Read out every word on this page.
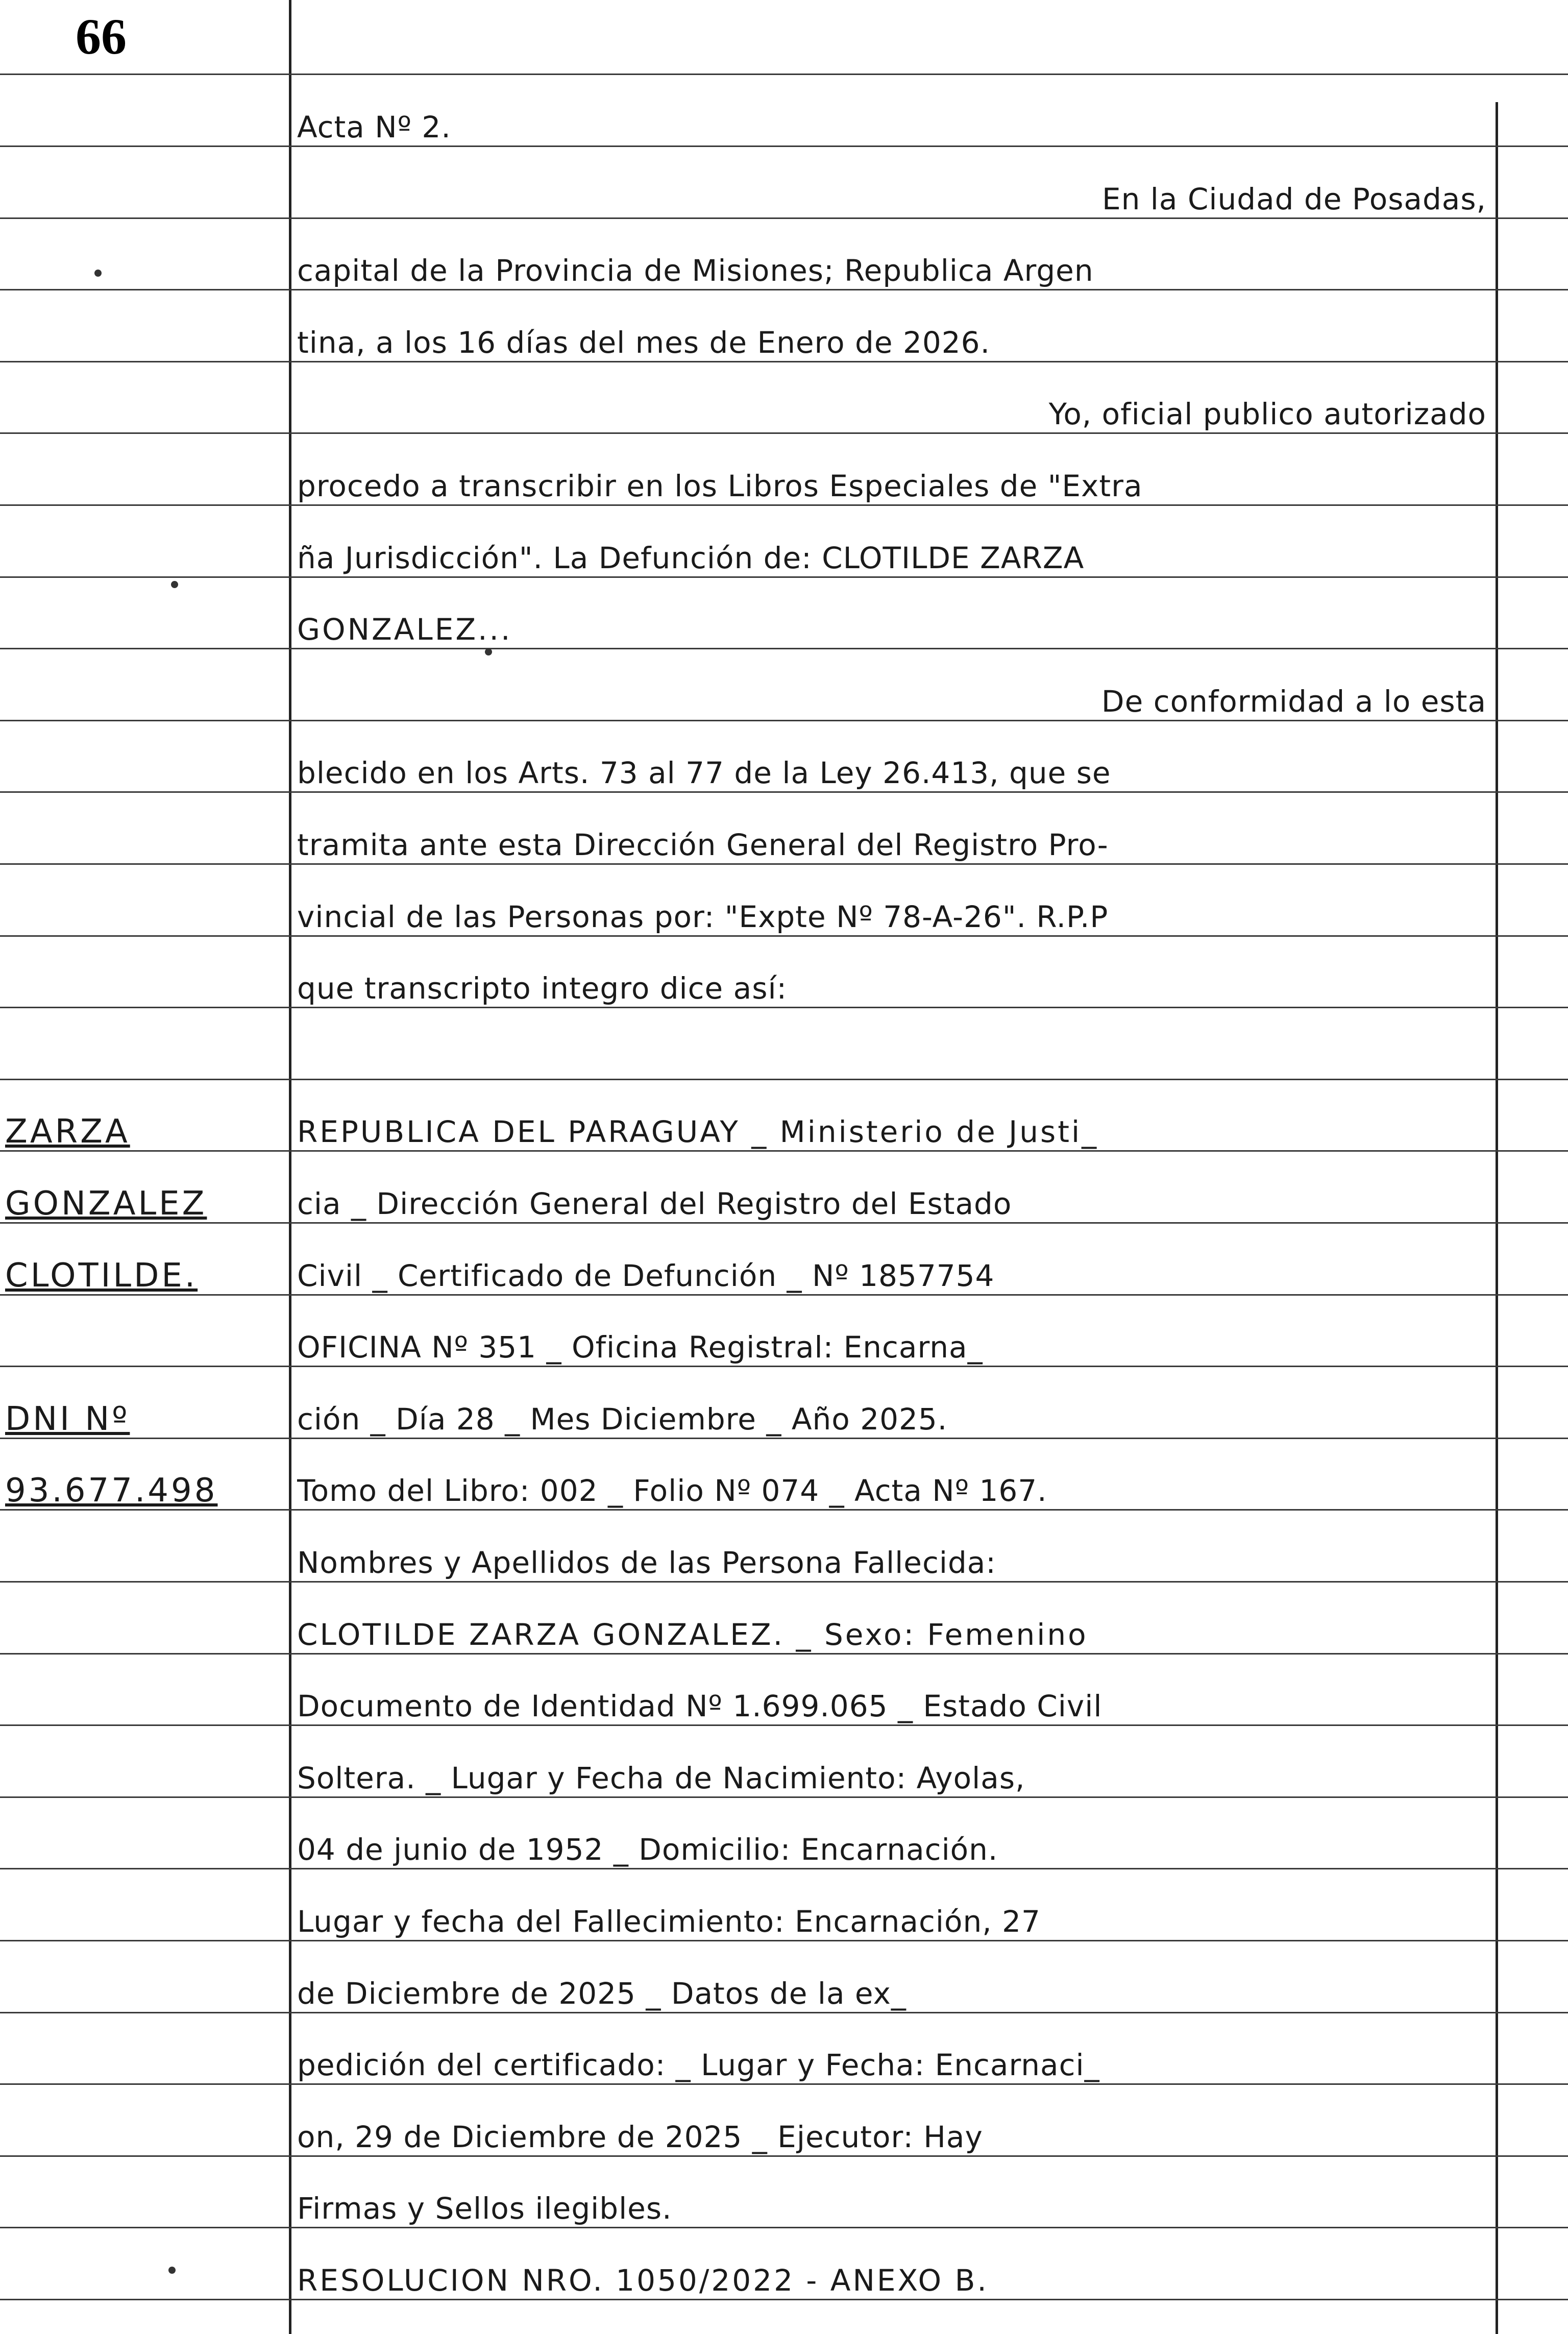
66
Acta Nº 2.
En la Ciudad de Posadas,
capital de la Provincia de Misiones; Republica Argen
tina, a los 16 días del mes de Enero de 2026.
Yo, oficial publico autorizado
procedo a transcribir en los Libros Especiales de "Extra
ña Jurisdicción". La Defunción de: CLOTILDE ZARZA
GONZALEZ...
De conformidad a lo esta
blecido en los Arts. 73 al 77 de la Ley 26.413, que se
tramita ante esta Dirección General del Registro Pro-
vincial de las Personas por: "Expte Nº 78-A-26". R.P.P
que transcripto integro dice así:
REPUBLICA DEL PARAGUAY _ Ministerio de Justi_
cia _ Dirección General del Registro del Estado
Civil _ Certificado de Defunción _ Nº 1857754
OFICINA Nº 351 _ Oficina Registral: Encarna_
ción _ Día 28 _ Mes Diciembre _ Año 2025.
Tomo del Libro: 002 _ Folio Nº 074 _ Acta Nº 167.
Nombres y Apellidos de las Persona Fallecida:
CLOTILDE ZARZA GONZALEZ. _ Sexo: Femenino
Documento de Identidad Nº 1.699.065 _ Estado Civil
Soltera. _ Lugar y Fecha de Nacimiento: Ayolas,
04 de junio de 1952 _ Domicilio: Encarnación.
Lugar y fecha del Fallecimiento: Encarnación, 27
de Diciembre de 2025 _ Datos de la ex_
pedición del certificado: _ Lugar y Fecha: Encarnaci_
on, 29 de Diciembre de 2025 _ Ejecutor: Hay
Firmas y Sellos ilegibles.
RESOLUCION NRO. 1050/2022 - ANEXO B.
ZARZA
GONZALEZ
CLOTILDE.
DNI Nº
93.677.498
